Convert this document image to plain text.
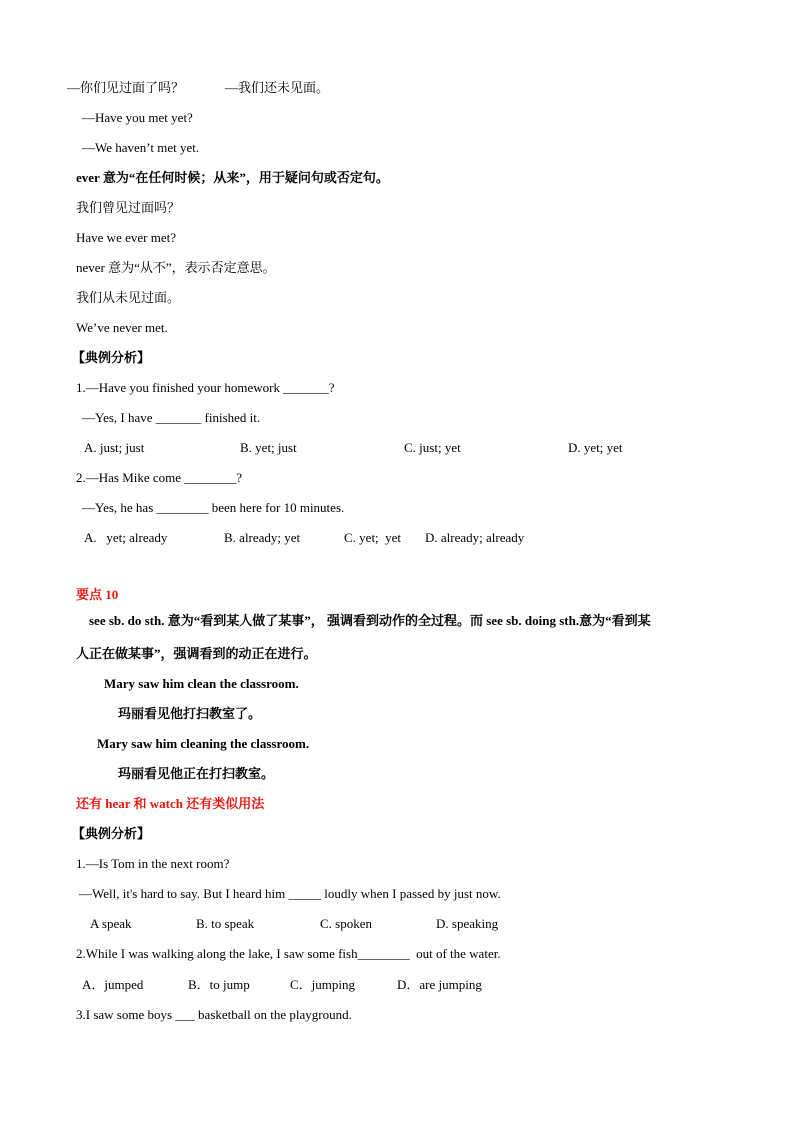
—你们见过面了吗？	—我们还未见面。
—Have you met yet?
—We haven’t met yet.
ever 意为“在任何时候；从来”，用于疑问句或否定句。
我们曾见过面吗？
Have we ever met?
never 意为“从不”，表示否定意思。
我们从未见过面。
We’ve never met.
【典例分析】
1.—Have you finished your homework _______?
—Yes, I have _______ finished it.

A. just; just

	B. yet; just

	C. just; yet

	D. yet; yet

2.—Has Mike come ________?
—Yes, he has ________ been here for 10 minutes.

A.   yet; already

	B. already; yet

	C. yet;  yet

D. already; already

要点 10
see sb. do sth. 意为“看到某人做了某事”， 强调看到动作的全过程。而 see sb. doing sth.意为“看到某
人正在做某事”，强调看到的动正在进行。
Mary saw him clean the classroom.
玛丽看见他打扫教室了。
Mary saw him cleaning the classroom.
玛丽看见他正在打扫教室。
还有 hear 和 watch 还有类似用法
【典例分析】
1.—Is Tom in the next room?
—Well, it's hard to say. But I heard him _____ loudly when I passed by just now.

A speak

	B. to speak

	C. spoken

	D. speaking

2.While I was walking along the lake, I saw some fish________  out of the water.

A．jumped

	B．to jump

	C．jumping

	D．are jumping

3.I saw some boys ___ basketball on the playground.
